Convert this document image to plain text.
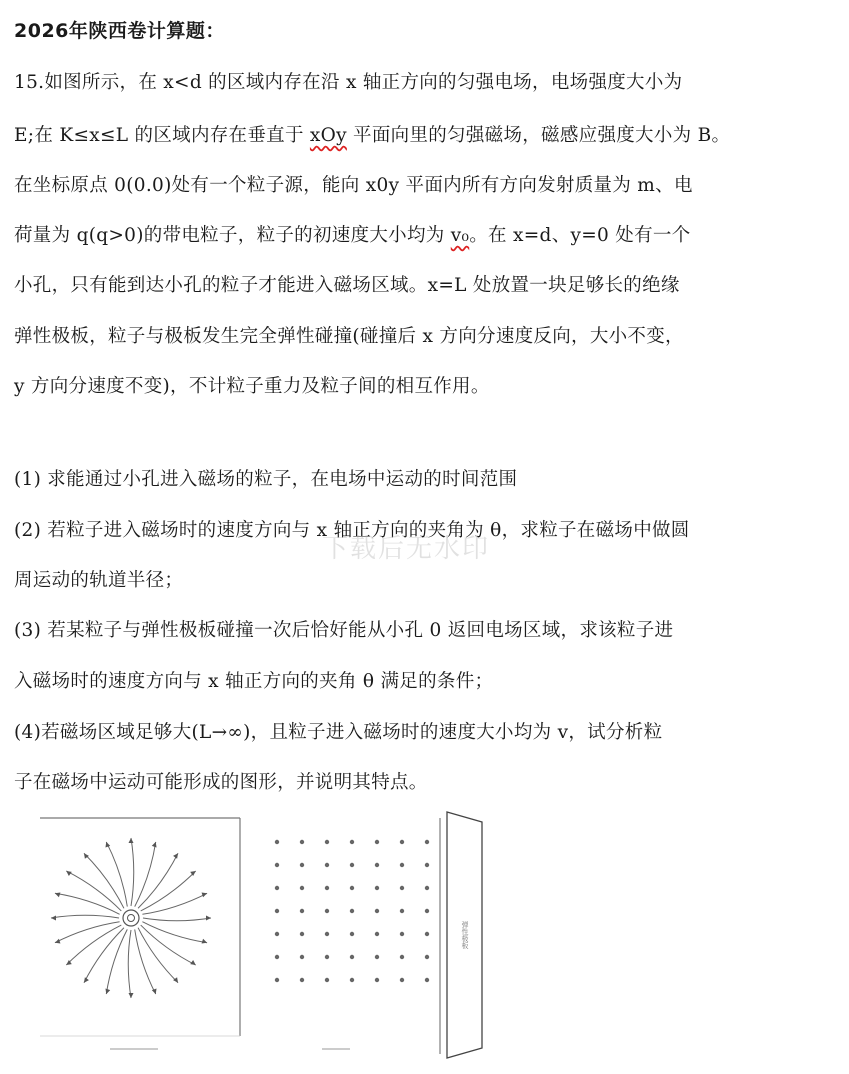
2026年陕西卷计算题：
15.如图所示，在 x<d 的区域内存在沿 x 轴正方向的匀强电场，电场强度大小为
E;在 K≤x≤L 的区域内存在垂直于 xOy 平面向里的匀强磁场，磁感应强度大小为 B。
在坐标原点 0(0.0)处有一个粒子源，能向 x0y 平面内所有方向发射质量为 m、电
荷量为 q(q>0)的带电粒子，粒子的初速度大小均为 v₀。在 x=d、y=0 处有一个
小孔，只有能到达小孔的粒子才能进入磁场区域。x=L 处放置一块足够长的绝缘
弹性极板，粒子与极板发生完全弹性碰撞(碰撞后 x 方向分速度反向，大小不变，
y 方向分速度不变)，不计粒子重力及粒子间的相互作用。
(1) 求能通过小孔进入磁场的粒子，在电场中运动的时间范围
(2) 若粒子进入磁场时的速度方向与 x 轴正方向的夹角为 θ，求粒子在磁场中做圆
周运动的轨道半径；
(3) 若某粒子与弹性极板碰撞一次后恰好能从小孔 0 返回电场区域，求该粒子进
入磁场时的速度方向与 x 轴正方向的夹角 θ 满足的条件；
(4)若磁场区域足够大(L→∞)，且粒子进入磁场时的速度大小均为 v，试分析粒
子在磁场中运动可能形成的图形，并说明其特点。
下载后无水印
弹性极板
